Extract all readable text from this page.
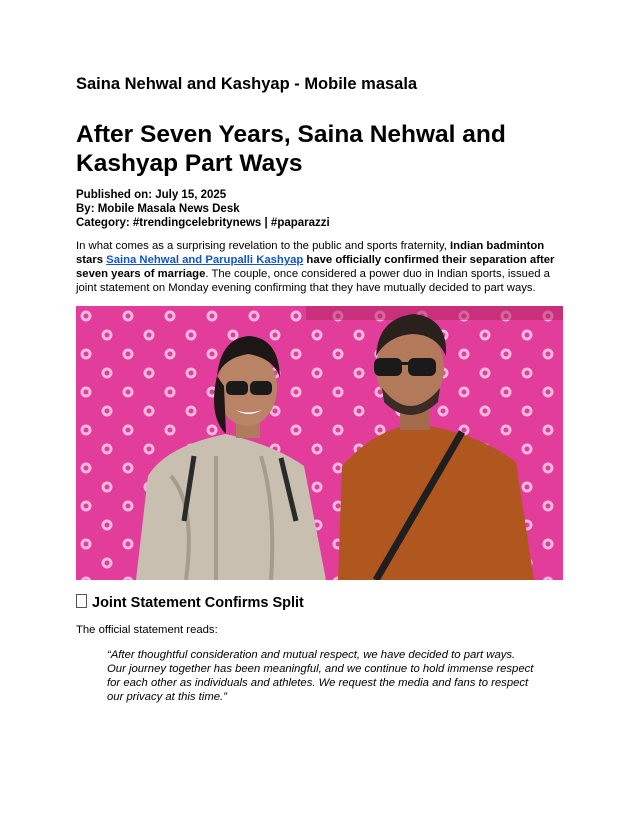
Saina Nehwal and Kashyap - Mobile masala
After Seven Years, Saina Nehwal and Kashyap Part Ways
Published on: July 15, 2025
By: Mobile Masala News Desk
Category: #trendingcelebritynews | #paparazzi

In what comes as a surprising revelation to the public and sports fraternity, Indian badminton stars Saina Nehwal and Parupalli Kashyap have officially confirmed their separation after seven years of marriage. The couple, once considered a power duo in Indian sports, issued a joint statement on Monday evening confirming that they have mutually decided to part ways.

Joint Statement Confirms Split

The official statement reads:

“After thoughtful consideration and mutual respect, we have decided to part ways. Our journey together has been meaningful, and we continue to hold immense respect for each other as individuals and athletes. We request the media and fans to respect our privacy at this time.”
